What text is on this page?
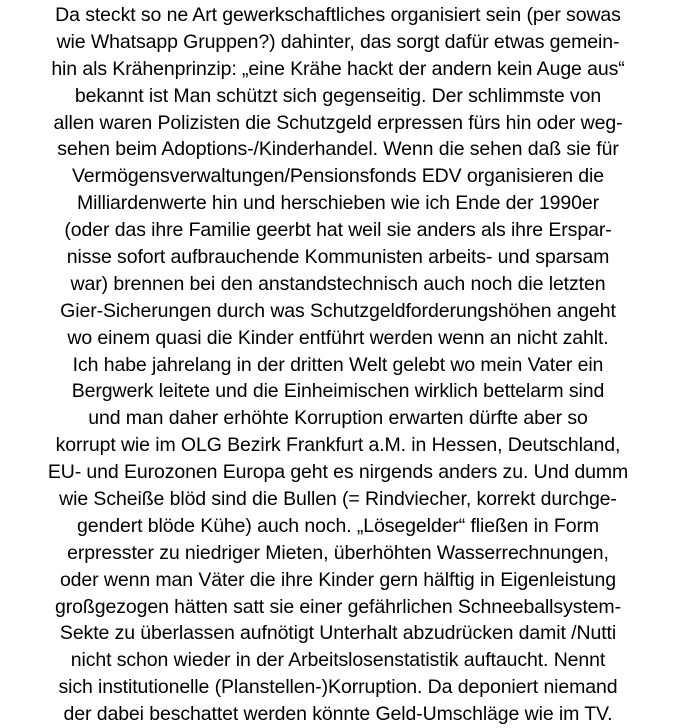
Da steckt so ne Art gewerkschaftliches organisiert sein (per sowas
wie Whatsapp Gruppen?) dahinter, das sorgt dafür etwas gemein-
hin als Krähenprinzip: „eine Krähe hackt der andern kein Auge aus“
bekannt ist Man schützt sich gegenseitig. Der schlimmste von
allen waren Polizisten die Schutzgeld erpressen fürs hin oder weg-
sehen beim Adoptions-/Kinderhandel. Wenn die sehen daß sie für
Vermögensverwaltungen/Pensionsfonds EDV organisieren die
Milliardenwerte hin und herschieben wie ich Ende der 1990er
(oder das ihre Familie geerbt hat weil sie anders als ihre Erspar-
nisse sofort aufbrauchende Kommunisten arbeits- und sparsam
war) brennen bei den anstandstechnisch auch noch die letzten
Gier-Sicherungen durch was Schutzgeldforderungshöhen angeht
wo einem quasi die Kinder entführt werden wenn an nicht zahlt.
Ich habe jahrelang in der dritten Welt gelebt wo mein Vater ein
Bergwerk leitete und die Einheimischen wirklich bettelarm sind
und man daher erhöhte Korruption erwarten dürfte aber so
korrupt wie im OLG Bezirk Frankfurt a.M. in Hessen, Deutschland,
EU- und Eurozonen Europa geht es nirgends anders zu. Und dumm
wie Scheiße blöd sind die Bullen (= Rindviecher, korrekt durchge-
gendert blöde Kühe) auch noch. „Lösegelder“ fließen in Form
erpresster zu niedriger Mieten, überhöhten Wasserrechnungen,
oder wenn man Väter die ihre Kinder gern hälftig in Eigenleistung
großgezogen hätten satt sie einer gefährlichen Schneeballsystem-
Sekte zu überlassen aufnötigt Unterhalt abzudrücken damit /Nutti
nicht schon wieder in der Arbeitslosenstatistik auftaucht. Nennt
sich institutionelle (Planstellen-)Korruption. Da deponiert niemand
der dabei beschattet werden könnte Geld-Umschläge wie im TV.
